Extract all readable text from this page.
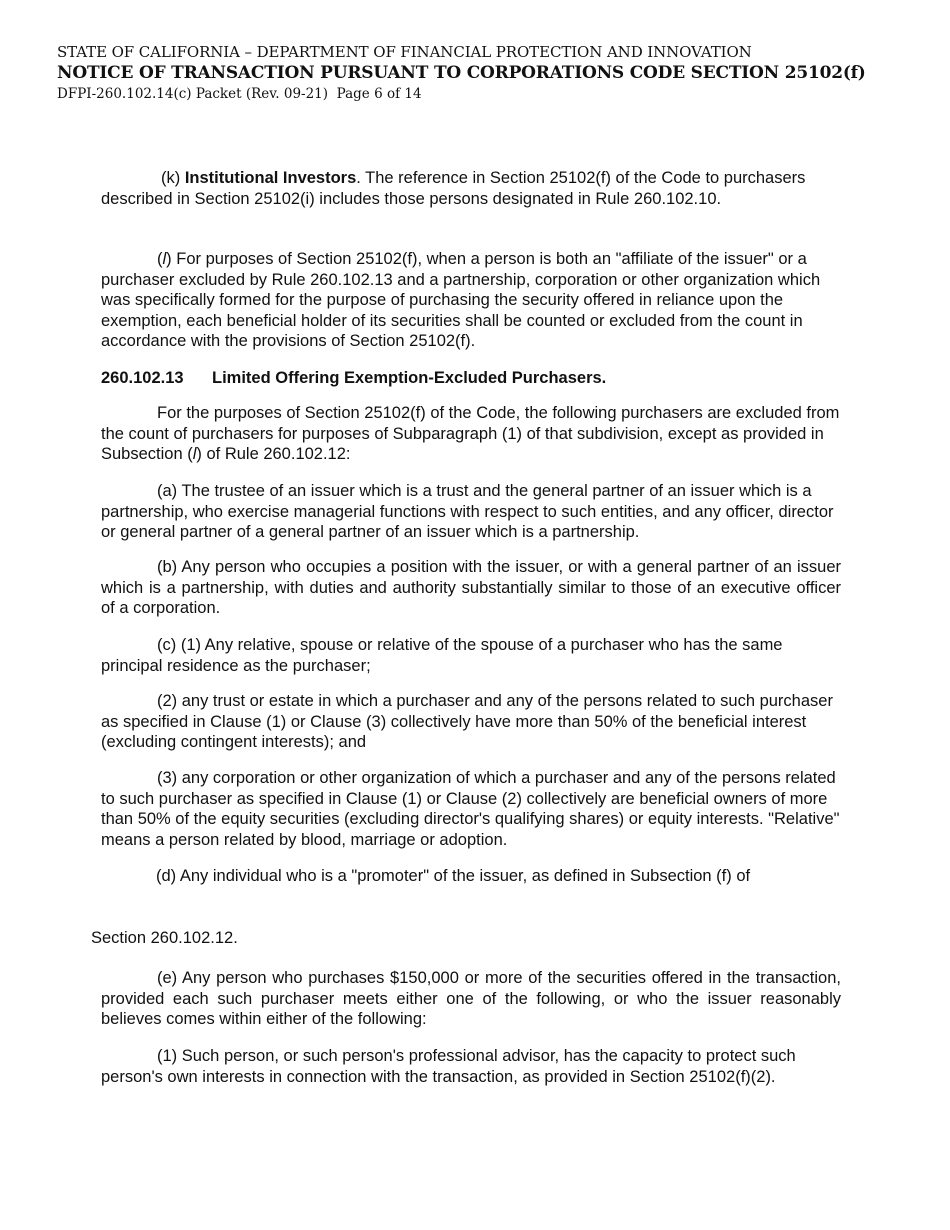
STATE OF CALIFORNIA – DEPARTMENT OF FINANCIAL PROTECTION AND INNOVATION
NOTICE OF TRANSACTION PURSUANT TO CORPORATIONS CODE SECTION 25102(f)
DFPI-260.102.14(c) Packet (Rev. 09-21)  Page 6 of 14

(k) Institutional Investors. The reference in Section 25102(f) of the Code to purchasers described in Section 25102(i) includes those persons designated in Rule 260.102.10.

(l) For purposes of Section 25102(f), when a person is both an "affiliate of the issuer" or a purchaser excluded by Rule 260.102.13 and a partnership, corporation or other organization which was specifically formed for the purpose of purchasing the security offered in reliance upon the exemption, each beneficial holder of its securities shall be counted or excluded from the count in accordance with the provisions of Section 25102(f).

260.102.13 Limited Offering Exemption-Excluded Purchasers.

For the purposes of Section 25102(f) of the Code, the following purchasers are excluded from the count of purchasers for purposes of Subparagraph (1) of that subdivision, except as provided in Subsection (l) of Rule 260.102.12:

(a) The trustee of an issuer which is a trust and the general partner of an issuer which is a partnership, who exercise managerial functions with respect to such entities, and any officer, director or general partner of a general partner of an issuer which is a partnership.

(b) Any person who occupies a position with the issuer, or with a general partner of an issuer which is a partnership, with duties and authority substantially similar to those of an executive officer of a corporation.

(c) (1) Any relative, spouse or relative of the spouse of a purchaser who has the same principal residence as the purchaser;

(2) any trust or estate in which a purchaser and any of the persons related to such purchaser as specified in Clause (1) or Clause (3) collectively have more than 50% of the beneficial interest (excluding contingent interests); and

(3) any corporation or other organization of which a purchaser and any of the persons related to such purchaser as specified in Clause (1) or Clause (2) collectively are beneficial owners of more than 50% of the equity securities (excluding director's qualifying shares) or equity interests. "Relative" means a person related by blood, marriage or adoption.

(d) Any individual who is a "promoter" of the issuer, as defined in Subsection (f) of

Section 260.102.12.

(e) Any person who purchases $150,000 or more of the securities offered in the transaction, provided each such purchaser meets either one of the following, or who the issuer reasonably believes comes within either of the following:

(1) Such person, or such person's professional advisor, has the capacity to protect such person's own interests in connection with the transaction, as provided in Section 25102(f)(2).
